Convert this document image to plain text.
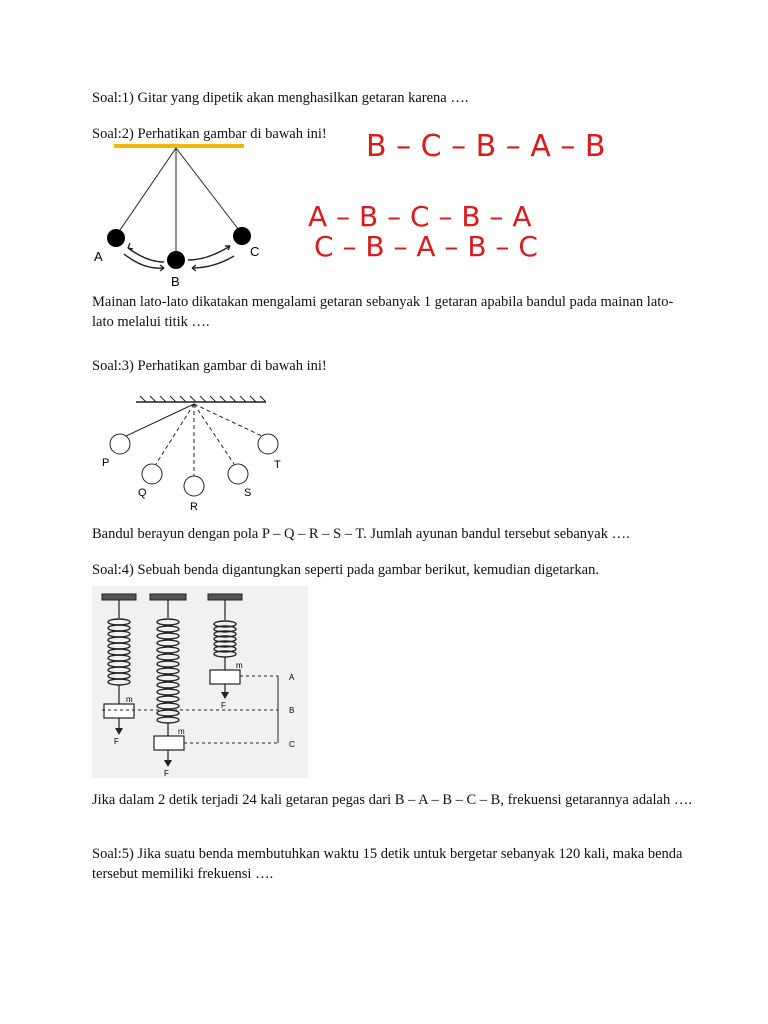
Soal:1) Gitar yang dipetik akan menghasilkan getaran karena ….
Soal:2) Perhatikan gambar di bawah ini!
A
B
C
B – C – B – A – B
A – B – C – B – A
C – B – A – B – C
Mainan lato-lato dikatakan mengalami getaran sebanyak 1 getaran apabila bandul pada mainan lato-lato melalui titik ….
Soal:3) Perhatikan gambar di bawah ini!
P
Q
R
S
T
Bandul berayun dengan pola P – Q – R – S – T. Jumlah ayunan bandul tersebut sebanyak ….
Soal:4) Sebuah benda digantungkan seperti pada gambar berikut, kemudian digetarkan.
A
B
C
m
m
m
F
F
F
Jika dalam 2 detik terjadi 24 kali getaran pegas dari B – A – B – C – B, frekuensi getarannya adalah ….
Soal:5) Jika suatu benda membutuhkan waktu 15 detik untuk bergetar sebanyak 120 kali, maka benda tersebut memiliki frekuensi ….
